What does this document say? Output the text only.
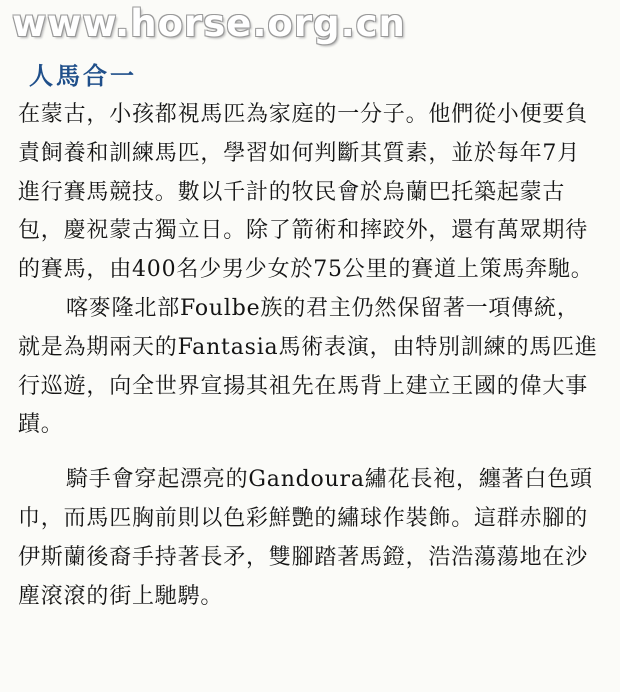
www.horse.org.cn
人馬合一
在蒙古，小孩都視馬匹為家庭的一分子。他們從小便要負
責飼養和訓練馬匹，學習如何判斷其質素，並於每年7月
進行賽馬競技。數以千計的牧民會於烏蘭巴托築起蒙古
包，慶祝蒙古獨立日。除了箭術和摔跤外，還有萬眾期待
的賽馬，由400名少男少女於75公里的賽道上策馬奔馳。
喀麥隆北部Foulbe族的君主仍然保留著一項傳統，
就是為期兩天的Fantasia馬術表演，由特別訓練的馬匹進
行巡遊，向全世界宣揚其祖先在馬背上建立王國的偉大事
蹟。
騎手會穿起漂亮的Gandoura繡花長袍，纏著白色頭
巾，而馬匹胸前則以色彩鮮艷的繡球作裝飾。這群赤腳的
伊斯蘭後裔手持著長矛，雙腳踏著馬鐙，浩浩蕩蕩地在沙
塵滾滾的街上馳騁。
